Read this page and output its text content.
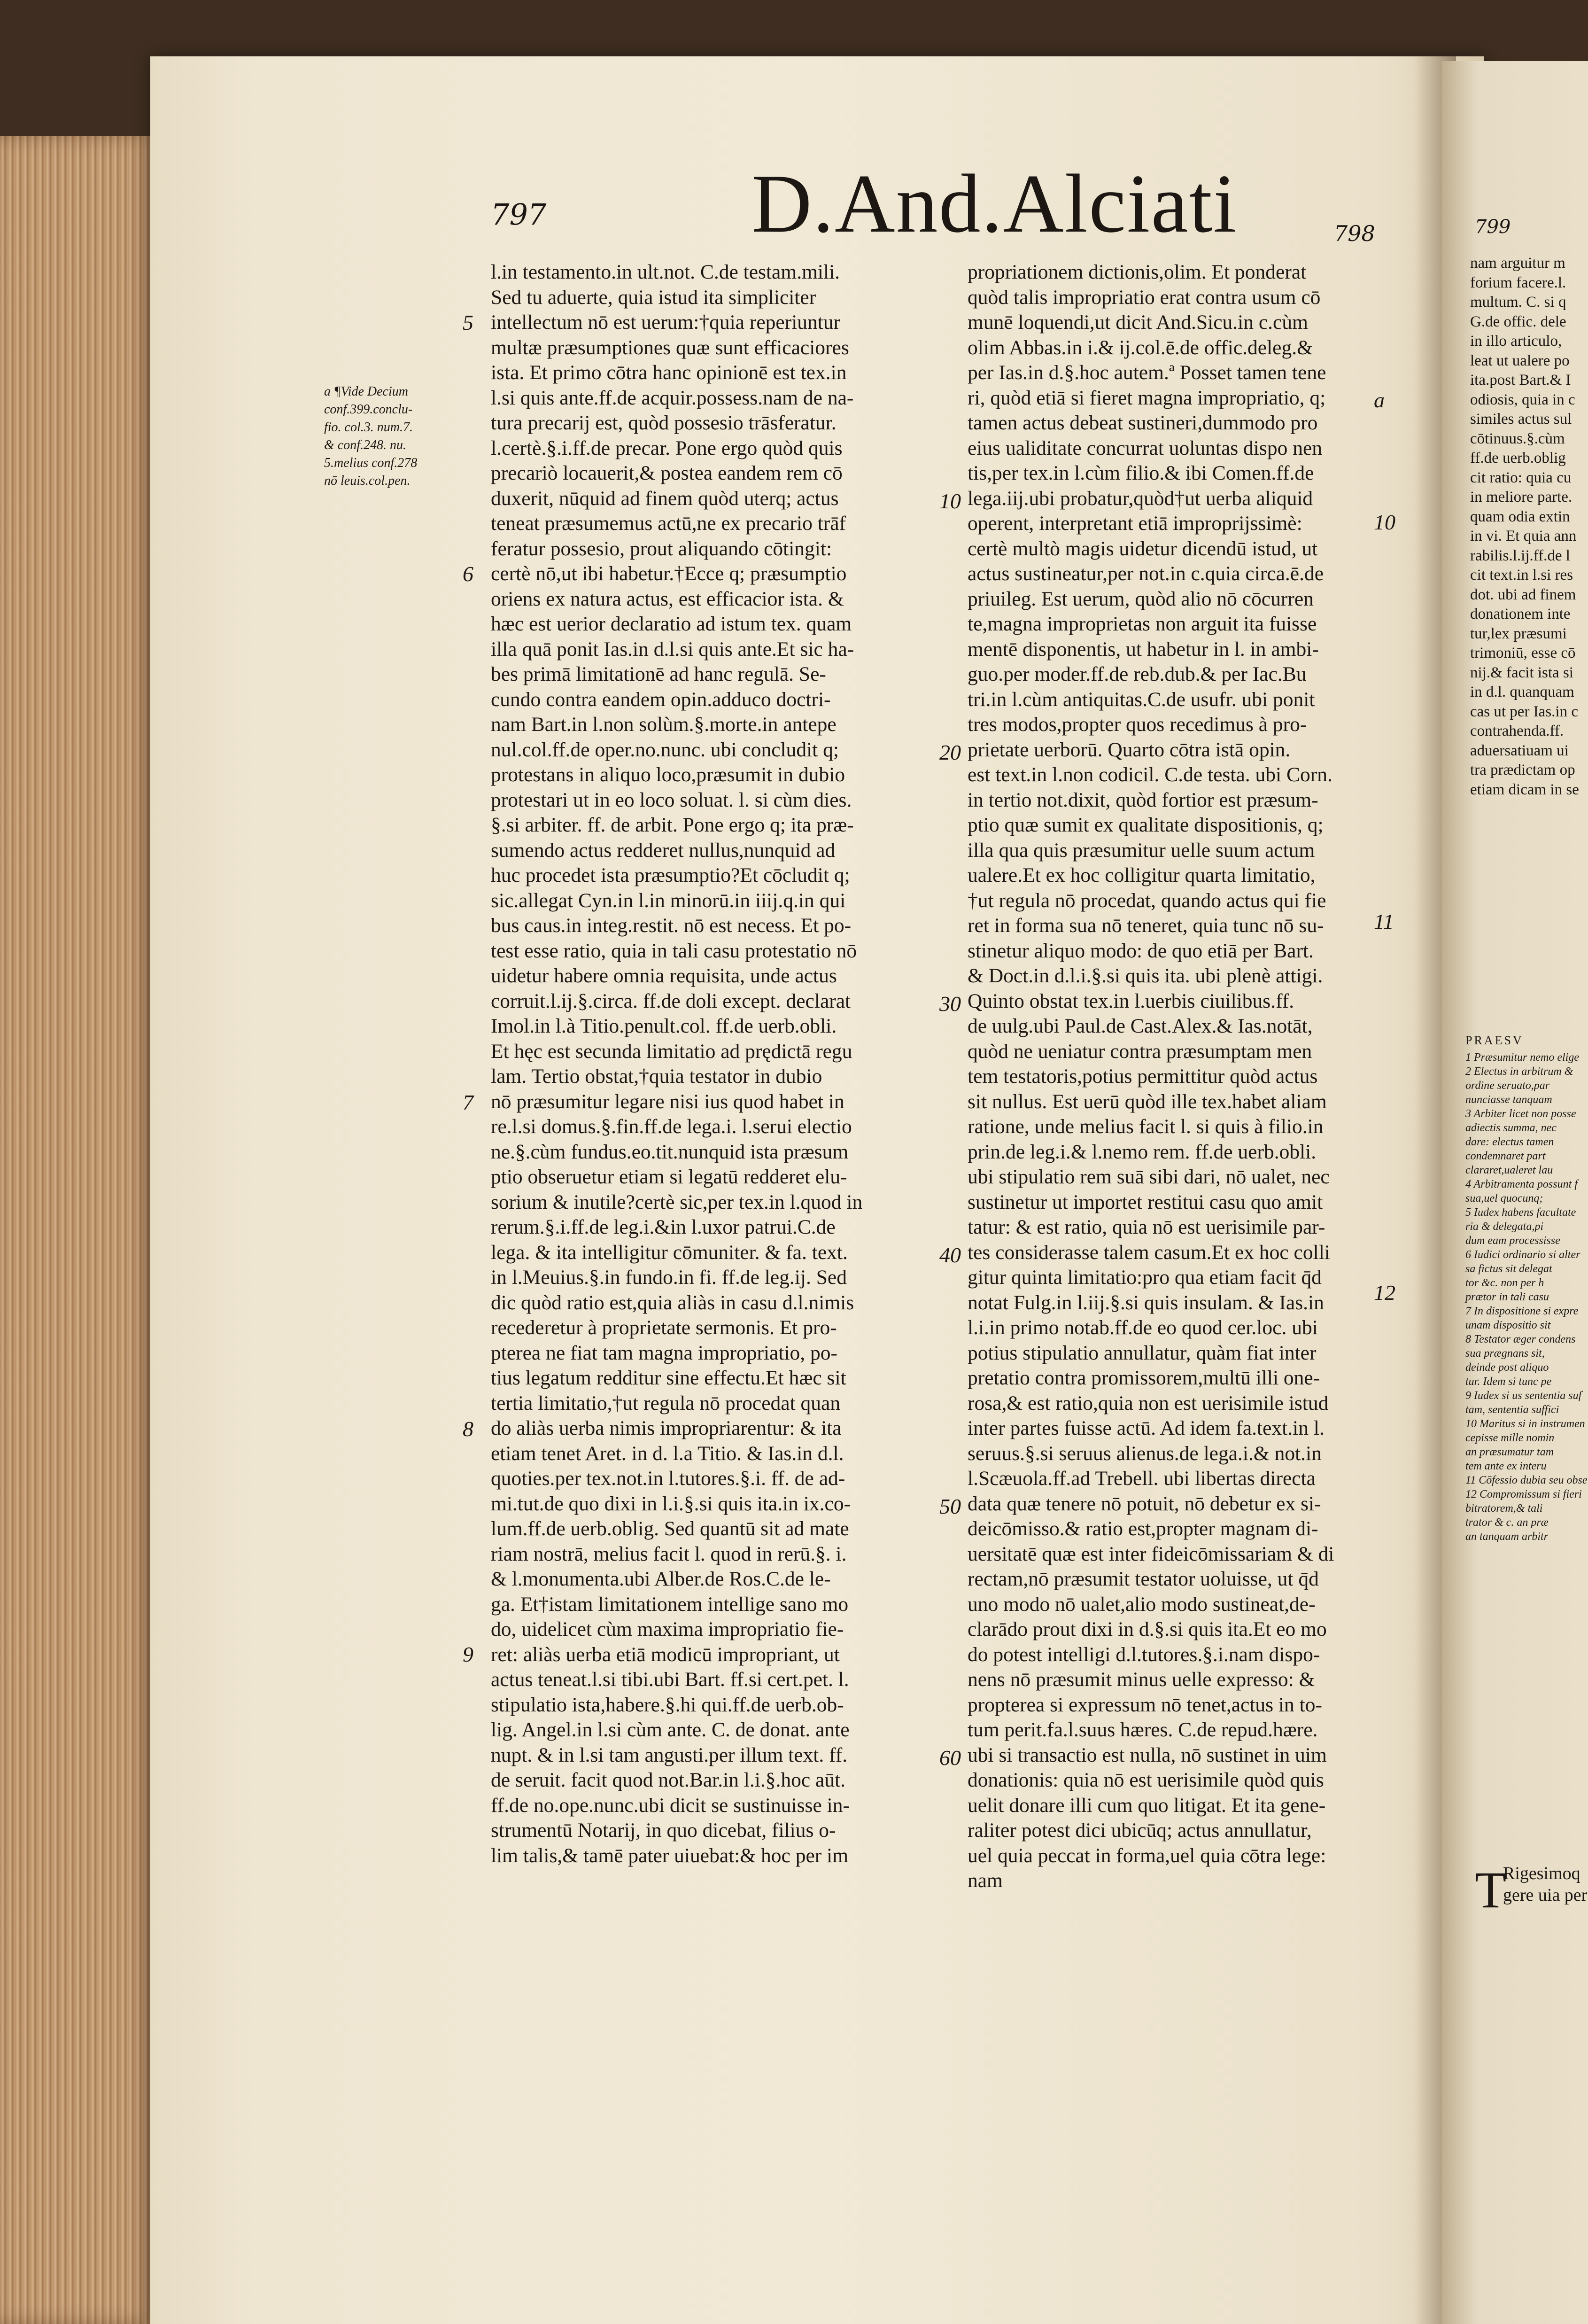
797 D.And.Alciati	798
a ¶Vide Decium
conf.399.conclu-
fio. col.3. num.7.
& conf.248. nu.
5.melius conf.278
nō leuis.col.pen.
l.in testamento.in ult.not. C.de testam.mili.
Sed tu aduerte, quia istud ita simpliciter
intellectum nō est uerum:†quia reperiuntur
multæ præsumptiones quæ sunt efficaciores
ista. Et primo cōtra hanc opinionē est tex.in
l.si quis ante.ff.de acquir.possess.nam de na-
tura precarij est, quòd possesio trāsferatur.
l.certè.§.i.ff.de precar. Pone ergo quòd quis
precariò locauerit,& postea eandem rem cō
duxerit, nūquid ad finem quòd uterq; actus
teneat præsumemus actū,ne ex precario trāf
feratur possesio, prout aliquando cōtingit:
certè nō,ut ibi habetur.†Ecce q; præsumptio
oriens ex natura actus, est efficacior ista. &
hæc est uerior declaratio ad istum tex. quam
illa quā ponit Ias.in d.l.si quis ante.Et sic ha-
bes primā limitationē ad hanc regulā. Se-
cundo contra eandem opin.adduco doctri-
nam Bart.in l.non solùm.§.morte.in antepe
nul.col.ff.de oper.no.nunc. ubi concludit q;
protestans in aliquo loco,præsumit in dubio
protestari ut in eo loco soluat. l. si cùm dies.
§.si arbiter. ff. de arbit. Pone ergo q; ita præ-
sumendo actus redderet nullus,nunquid ad
huc procedet ista præsumptio?Et cōcludit q;
sic.allegat Cyn.in l.in minorū.in iiij.q.in qui
bus caus.in integ.restit. nō est necess. Et po-
test esse ratio, quia in tali casu protestatio nō
uidetur habere omnia requisita, unde actus
corruit.l.ij.§.circa. ff.de doli except. declarat
Imol.in l.à Titio.penult.col. ff.de uerb.obli.
Et hęc est secunda limitatio ad prędictā regu
lam. Tertio obstat,†quia testator in dubio
nō præsumitur legare nisi ius quod habet in
re.l.si domus.§.fin.ff.de lega.i. l.serui electio
ne.§.cùm fundus.eo.tit.nunquid ista præsum
ptio obseruetur etiam si legatū redderet elu-
sorium & inutile?certè sic,per tex.in l.quod in
rerum.§.i.ff.de leg.i.&in l.uxor patrui.C.de
lega. & ita intelligitur cōmuniter. & fa. text.
in l.Meuius.§.in fundo.in fi. ff.de leg.ij. Sed
dic quòd ratio est,quia aliàs in casu d.l.nimis
recederetur à proprietate sermonis. Et pro-
pterea ne fiat tam magna impropriatio, po-
tius legatum redditur sine effectu.Et hæc sit
tertia limitatio,†ut regula nō procedat quan
do aliàs uerba nimis impropriarentur: & ita
etiam tenet Aret. in d. l.a Titio. & Ias.in d.l.
quoties.per tex.not.in l.tutores.§.i. ff. de ad-
mi.tut.de quo dixi in l.i.§.si quis ita.in ix.co-
lum.ff.de uerb.oblig. Sed quantū sit ad mate
riam nostrā, melius facit l. quod in rerū.§. i.
& l.monumenta.ubi Alber.de Ros.C.de le-
ga. Et†istam limitationem intellige sano mo
do, uidelicet cùm maxima impropriatio fie-
ret: aliàs uerba etiā modicū impropriant, ut
actus teneat.l.si tibi.ubi Bart. ff.si cert.pet. l.
stipulatio ista,habere.§.hi qui.ff.de uerb.ob-
lig. Angel.in l.si cùm ante. C. de donat. ante
nupt. & in l.si tam angusti.per illum text. ff.
de seruit. facit quod not.Bar.in l.i.§.hoc aūt.
ff.de no.ope.nunc.ubi dicit se sustinuisse in-
strumentū Notarij, in quo dicebat, filius o-
lim talis,& tamē pater uiuebat:& hoc per im
propriationem dictionis,olim. Et ponderat
quòd talis impropriatio erat contra usum cō
munē loquendi,ut dicit And.Sicu.in c.cùm
olim Abbas.in i.& ij.col.ē.de offic.deleg.&
per Ias.in d.§.hoc autem.ª Posset tamen tene
ri, quòd etiā si fieret magna impropriatio, q;
tamen actus debeat sustineri,dummodo pro
eius ualiditate concurrat uoluntas dispo nen
tis,per tex.in l.cùm filio.& ibi Comen.ff.de
lega.iij.ubi probatur,quòd†ut uerba aliquid
operent, interpretant etiā improprijssimè:
certè multò magis uidetur dicendū istud, ut
actus sustineatur,per not.in c.quia circa.ē.de
priuileg. Est uerum, quòd alio nō cōcurren
te,magna improprietas non arguit ita fuisse
mentē disponentis, ut habetur in l. in ambi-
guo.per moder.ff.de reb.dub.& per Iac.Bu
tri.in l.cùm antiquitas.C.de usufr. ubi ponit
tres modos,propter quos recedimus à pro-
prietate uerborū. Quarto cōtra istā opin.
est text.in l.non codicil. C.de testa. ubi Corn.
in tertio not.dixit, quòd fortior est præsum-
ptio quæ sumit ex qualitate dispositionis, q;
illa qua quis præsumitur uelle suum actum
ualere.Et ex hoc colligitur quarta limitatio,
†ut regula nō procedat, quando actus qui fie
ret in forma sua nō teneret, quia tunc nō su-
stinetur aliquo modo: de quo etiā per Bart.
& Doct.in d.l.i.§.si quis ita. ubi plenè attigi.
Quinto obstat tex.in l.uerbis ciuilibus.ff.
de uulg.ubi Paul.de Cast.Alex.& Ias.notāt,
quòd ne ueniatur contra præsumptam men
tem testatoris,potius permittitur quòd actus
sit nullus. Est uerū quòd ille tex.habet aliam
ratione, unde melius facit l. si quis à filio.in
prin.de leg.i.& l.nemo rem. ff.de uerb.obli.
ubi stipulatio rem suā sibi dari, nō ualet, nec
sustinetur ut importet restitui casu quo amit
tatur: & est ratio, quia nō est uerisimile par-
tes considerasse talem casum.Et ex hoc colli
gitur quinta limitatio:pro qua etiam facit q̄d
notat Fulg.in l.iij.§.si quis insulam. & Ias.in
l.i.in primo notab.ff.de eo quod cer.loc. ubi
potius stipulatio annullatur, quàm fiat inter
pretatio contra promissorem,multū illi one-
rosa,& est ratio,quia non est uerisimile istud
inter partes fuisse actū. Ad idem fa.text.in l.
seruus.§.si seruus alienus.de lega.i.& not.in
l.Scæuola.ff.ad Trebell. ubi libertas directa
data quæ tenere nō potuit, nō debetur ex si-
deicōmisso.& ratio est,propter magnam di-
uersitatē quæ est inter fideicōmissariam & di
rectam,nō præsumit testator uoluisse, ut q̄d
uno modo nō ualet,alio modo sustineat,de-
clarādo prout dixi in d.§.si quis ita.Et eo mo
do potest intelligi d.l.tutores.§.i.nam dispo-
nens nō præsumit minus uelle expresso: &
propterea si expressum nō tenet,actus in to-
tum perit.fa.l.suus hæres. C.de repud.hære.
ubi si transactio est nulla, nō sustinet in uim
donationis: quia nō est uerisimile quòd quis
uelit donare illi cum quo litigat. Et ita gene-
raliter potest dici ubicūq; actus annullatur,
uel quia peccat in forma,uel quia cōtra lege:
nam
5
6
7
8
9
10
20
30
40
50
60
a
10
11
12
799
nam arguitur m
forium facere.l.
multum. C. si q
G.de offic. dele
in illo articulo,
leat ut ualere po
ita.post Bart.& I
odiosis, quia in c
similes actus sul
cōtinuus.§.cùm
ff.de uerb.oblig
cit ratio: quia cu
in meliore parte.
quam odia extin
in vi. Et quia ann
rabilis.l.ij.ff.de l
cit text.in l.si res
dot. ubi ad finem
donationem inte
tur,lex præsumi
trimoniū, esse cō
nij.& facit ista si
in d.l. quanquam
cas ut per Ias.in c
contrahenda.ff.
aduersatiuam ui
tra prædictam op
etiam dicam in se
PRAESV
1 Præsumitur nemo elige
2 Electus in arbitrum &
ordine seruato,par
nunciasse tanquam
3 Arbiter licet non posse
adiectis summa, nec
dare: electus tamen
condemnaret part
clararet,ualeret lau
4 Arbitramenta possunt f
sua,uel quocunq;
5 Iudex habens facultate
ria & delegata,pi
dum eam processisse
6 Iudici ordinario si alter
sa fictus sit delegat
tor &c. non per h
prætor in tali casu
7 In dispositione si expre
unam dispositio sit
8 Testator æger condens
sua prægnans sit,
deinde post aliquo
tur. Idem si tunc pe
9 Iudex si us sententia suf
tam, sententia suffici
10 Maritus si in instrumen
cepisse mille nomin
an præsumatur tam
tem ante ex interu
11 Cōfessio dubia seu obse
12 Compromissum si fieri
bitratorem,& tali
trator & c. an præ
an tanquam arbitr
T
Rigesimoq
gere uia per
